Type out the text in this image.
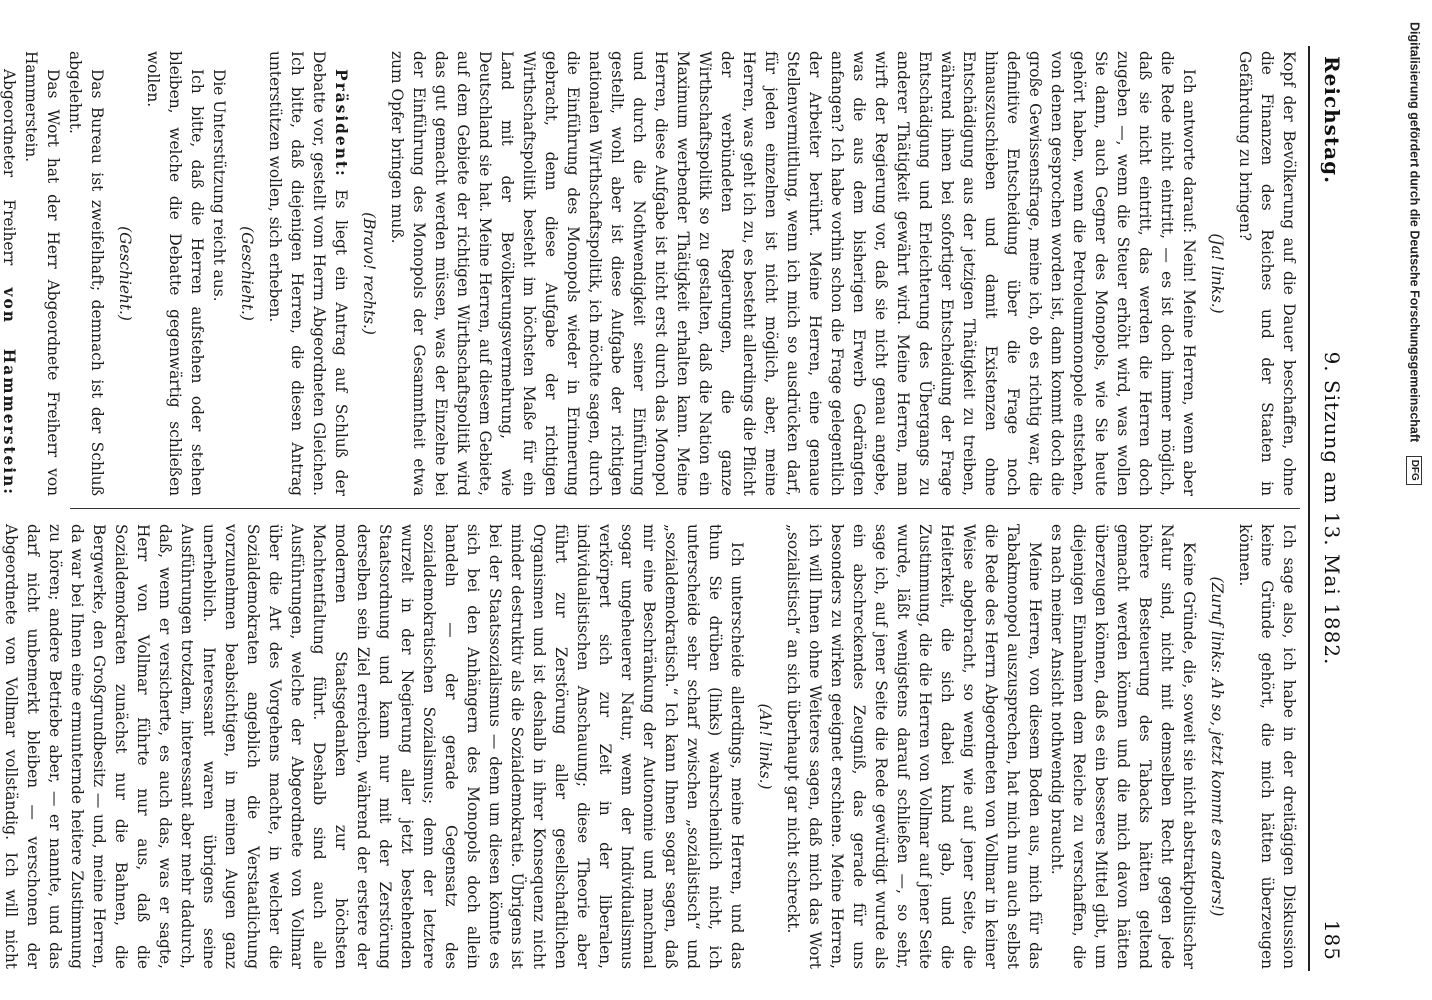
Reichstag.
9. Sitzung am 13. Mai 1882.
185

Kopf der Bevölkerung auf die Dauer beschaffen, ohne die Finanzen des Reiches und der Staaten in Gefährdung zu bringen?

(Ja! links.)

Ich antworte darauf: Nein! Meine Herren, wenn aber die Rede nicht eintritt, — es ist doch immer möglich, daß sie nicht eintritt, das werden die Herren doch zugeben —, wenn die Steuer erhöht wird, was wollen Sie dann, auch Gegner des Monopols, wie Sie heute gehört haben, wenn die Petroleummonopole entstehen, von denen gesprochen worden ist, dann kommt doch die große Gewissensfrage, meine ich, ob es richtig war, die definitive Entscheidung über die Frage noch hinauszuschieben und damit Existenzen ohne Entschädigung aus der jetzigen Thätigkeit zu treiben, während ihnen bei sofortiger Entscheidung der Frage Entschädigung und Erleichterung des Übergangs zu anderer Thätigkeit gewährt wird. Meine Herren, man wirft der Regierung vor, daß sie nicht genau angebe, was die aus dem bisherigen Erwerb Gedrängten anfangen? Ich habe vorhin schon die Frage gelegentlich der Arbeiter berührt. Meine Herren, eine genaue Stellenvermittlung, wenn ich mich so ausdrücken darf, für jeden einzelnen ist nicht möglich, aber, meine Herren, was geht ich zu, es besteht allerdings die Pflicht der verbündeten Regierungen, die ganze Wirthschaftspolitik so zu gestalten, daß die Nation ein Maximum werbender Thätigkeit erhalten kann. Meine Herren, diese Aufgabe ist nicht erst durch das Monopol und durch die Nothwendigkeit seiner Einführung gestellt, wohl aber ist diese Aufgabe der richtigen nationalen Wirthschaftspolitik, ich möchte sagen, durch die Einführung des Monopols wieder in Erinnerung gebracht, denn diese Aufgabe der richtigen Wirthschaftspolitik besteht im höchsten Maße für ein Land mit der Bevölkerungsvermehrung, wie Deutschland sie hat. Meine Herren, auf diesem Gebiete, auf dem Gebiete der richtigen Wirthschaftspolitik wird das gut gemacht werden müssen, was der Einzelne bei der Einführung des Monopols der Gesammtheit etwa zum Opfer bringen muß.

(Bravo! rechts.)

Präsident: Es liegt ein Antrag auf Schluß der Debatte vor, gestellt vom Herrn Abgeordneten Gleichen. Ich bitte, daß diejenigen Herren, die diesen Antrag unterstützen wollen, sich erheben.

(Geschieht.)

Die Unterstützung reicht aus.

Ich bitte, daß die Herren aufstehen oder stehen bleiben, welche die Debatte gegenwärtig schließen wollen.

(Geschieht.)

Das Bureau ist zweifelhaft; demnach ist der Schluß abgelehnt.

Das Wort hat der Herr Abgeordnete Freiherr von Hammerstein.

Abgeordneter Freiherr von Hammerstein:

Ich sage also, ich habe in der dreitägigen Diskussion keine Gründe gehört, die mich hätten überzeugen können.

(Zuruf links: Ah so, jetzt kommt es anders!)

Keine Gründe, die, soweit sie nicht abstraktpolitischer Natur sind, nicht mit demselben Recht gegen jede höhere Besteuerung des Tabacks hätten geltend gemacht werden können und die mich davon hätten überzeugen können, daß es ein besseres Mittel gibt, um diejenigen Einnahmen dem Reiche zu verschaffen, die es nach meiner Ansicht nothwendig braucht.

Meine Herren, von diesem Boden aus, mich für das Tabakmonopol auszusprechen, hat mich nun auch selbst die Rede des Herrn Abgeordneten von Vollmar in keiner Weise abgebracht, so wenig wie auf jener Seite, die Heiterkeit, die sich dabei kund gab, und die Zustimmung, die die Herren von Vollmar auf jener Seite wurde, läßt wenigstens darauf schließen —, so sehr, sage ich, auf jener Seite die Rede gewürdigt wurde als ein abschreckendes Zeugniß, das gerade für uns besonders zu wirken geeignet erschiene. Meine Herren, ich will Ihnen ohne Weiteres sagen, daß mich das Wort „sozialistisch“ an sich überhaupt gar nicht schreckt.

(Ah! links.)

Ich unterscheide allerdings, meine Herren, und das thun Sie drüben (links) wahrscheinlich nicht, ich unterscheide sehr scharf zwischen „sozialistisch“ und „sozialdemokratisch.“ Ich kann Ihnen sogar sagen, daß mir eine Beschränkung der Autonomie und manchmal sogar ungeheuerer Natur, wenn der Individualismus verkörpert sich zur Zeit in der liberalen, individualistischen Anschauung; diese Theorie aber führt zur Zerstörung aller gesellschaftlichen Organismen und ist deshalb in ihrer Konsequenz nicht minder destruktiv als die Sozialdemokratie. Übrigens ist bei der Staatssozialismus — denn um diesen könnte es sich bei den Anhängern des Monopols doch allein handeln — der gerade Gegensatz des sozialdemokratischen Sozialismus; denn der letztere wurzelt in der Negierung aller jetzt bestehenden Staatsordnung und kann nur mit der Zerstörung derselben sein Ziel erreichen, während der erstere der modernen Staatsgedanken zur höchsten Machtentfaltung führt. Deshalb sind auch alle Ausführungen, welche der Abgeordnete von Vollmar über die Art des Vorgehens machte, in welcher die Sozialdemokraten angeblich die Verstaatlichung vorzunehmen beabsichtigen, in meinen Augen ganz unerheblich. Interessant waren übrigens seine Ausführungen trotzdem, interessant aber mehr dadurch, daß, wenn er versicherte, es auch das, was er sagte, Herr von Vollmar führte nur aus, daß die Sozialdemokraten zunächst nur die Bahnen, die Bergwerke, den Großgrundbesitz — und, meine Herren, da war bei Ihnen eine ermunternde heitere Zustimmung zu hören; andere Betriebe aber, — er nannte, und das darf nicht unbemerkt bleiben — verschonen der Abgeordnete von Vollmar vollständig. Ich will nicht

Digitalisierung gefördert durch die Deutsche Forschungsgemeinschaft DFG
